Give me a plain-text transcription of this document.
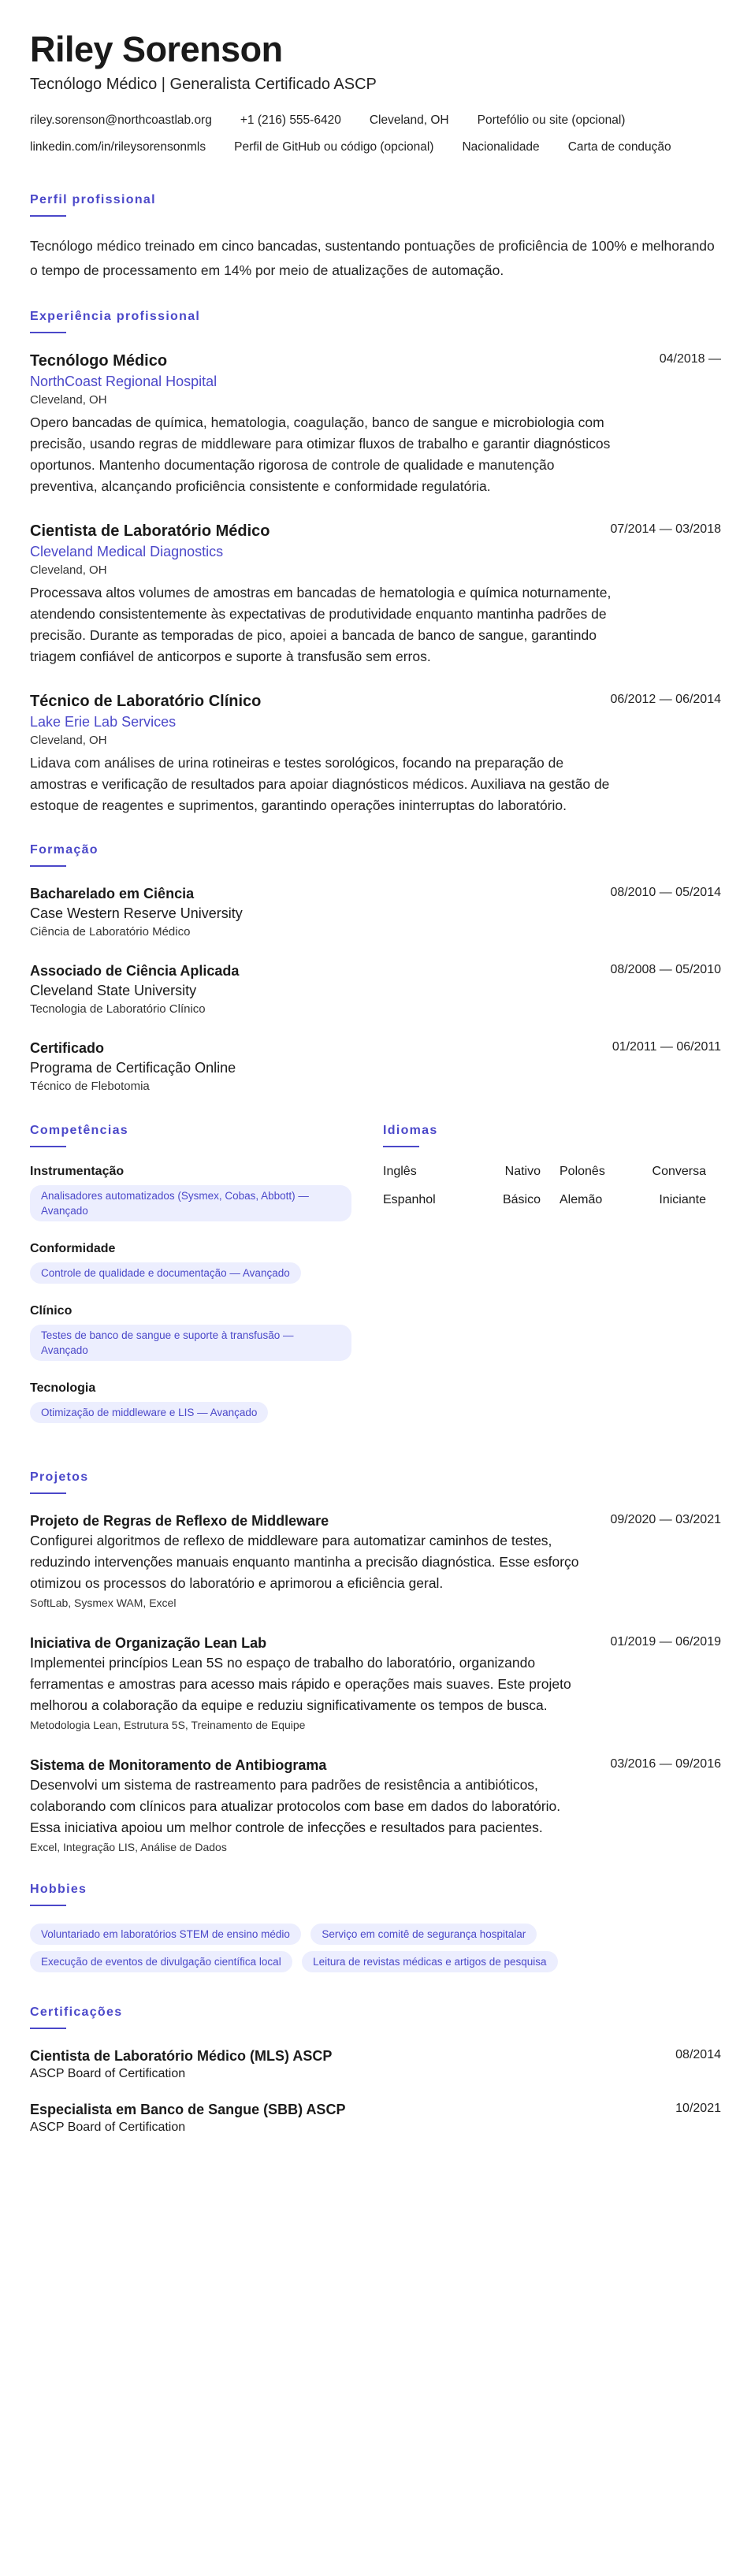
Riley Sorenson
Tecnólogo Médico | Generalista Certificado ASCP
riley.sorenson@northcoastlab.org +1 (216) 555-6420 Cleveland, OH Portefólio ou site (opcional)
linkedin.com/in/rileysorensonmls Perfil de GitHub ou código (opcional) Nacionalidade Carta de condução
Perfil profissional

Tecnólogo médico treinado em cinco bancadas, sustentando pontuações de proficiência de 100% e melhorando o tempo de processamento em 14% por meio de atualizações de automação.

Experiência profissional
Tecnólogo Médico	04/2018 —
NorthCoast Regional Hospital
Cleveland, OH
Opero bancadas de química, hematologia, coagulação, banco de sangue e microbiologia com precisão, usando regras de middleware para otimizar fluxos de trabalho e garantir diagnósticos oportunos. Mantenho documentação rigorosa de controle de qualidade e manutenção preventiva, alcançando proficiência consistente e conformidade regulatória.
Cientista de Laboratório Médico	07/2014 — 03/2018
Cleveland Medical Diagnostics
Cleveland, OH
Processava altos volumes de amostras em bancadas de hematologia e química noturnamente, atendendo consistentemente às expectativas de produtividade enquanto mantinha padrões de precisão. Durante as temporadas de pico, apoiei a bancada de banco de sangue, garantindo triagem confiável de anticorpos e suporte à transfusão sem erros.
Técnico de Laboratório Clínico	06/2012 — 06/2014
Lake Erie Lab Services
Cleveland, OH
Lidava com análises de urina rotineiras e testes sorológicos, focando na preparação de amostras e verificação de resultados para apoiar diagnósticos médicos. Auxiliava na gestão de estoque de reagentes e suprimentos, garantindo operações ininterruptas do laboratório.
Formação
Bacharelado em Ciência	08/2010 — 05/2014
Case Western Reserve University
Ciência de Laboratório Médico
Associado de Ciência Aplicada	08/2008 — 05/2010
Cleveland State University
Tecnologia de Laboratório Clínico
Certificado	01/2011 — 06/2011
Programa de Certificação Online
Técnico de Flebotomia
Competências
Instrumentação
Analisadores automatizados (Sysmex, Cobas, Abbott) — Avançado
Conformidade
Controle de qualidade e documentação — Avançado
Clínico
Testes de banco de sangue e suporte à transfusão — Avançado
Tecnologia
Otimização de middleware e LIS — Avançado
Idiomas
Inglês	Nativo	Polonês	Conversa
Espanhol	Básico	Alemão	Iniciante
Projetos
Projeto de Regras de Reflexo de Middleware	09/2020 — 03/2021
Configurei algoritmos de reflexo de middleware para automatizar caminhos de testes, reduzindo intervenções manuais enquanto mantinha a precisão diagnóstica. Esse esforço otimizou os processos do laboratório e aprimorou a eficiência geral.
SoftLab, Sysmex WAM, Excel
Iniciativa de Organização Lean Lab	01/2019 — 06/2019
Implementei princípios Lean 5S no espaço de trabalho do laboratório, organizando ferramentas e amostras para acesso mais rápido e operações mais suaves. Este projeto melhorou a colaboração da equipe e reduziu significativamente os tempos de busca.
Metodologia Lean, Estrutura 5S, Treinamento de Equipe
Sistema de Monitoramento de Antibiograma	03/2016 — 09/2016
Desenvolvi um sistema de rastreamento para padrões de resistência a antibióticos, colaborando com clínicos para atualizar protocolos com base em dados do laboratório. Essa iniciativa apoiou um melhor controle de infecções e resultados para pacientes.
Excel, Integração LIS, Análise de Dados
Hobbies
Voluntariado em laboratórios STEM de ensino médio	Serviço em comitê de segurança hospitalar Execução de eventos de divulgação científica local	Leitura de revistas médicas e artigos de pesquisa
Certificações
Cientista de Laboratório Médico (MLS) ASCP	08/2014
ASCP Board of Certification
Especialista em Banco de Sangue (SBB) ASCP	10/2021
ASCP Board of Certification
